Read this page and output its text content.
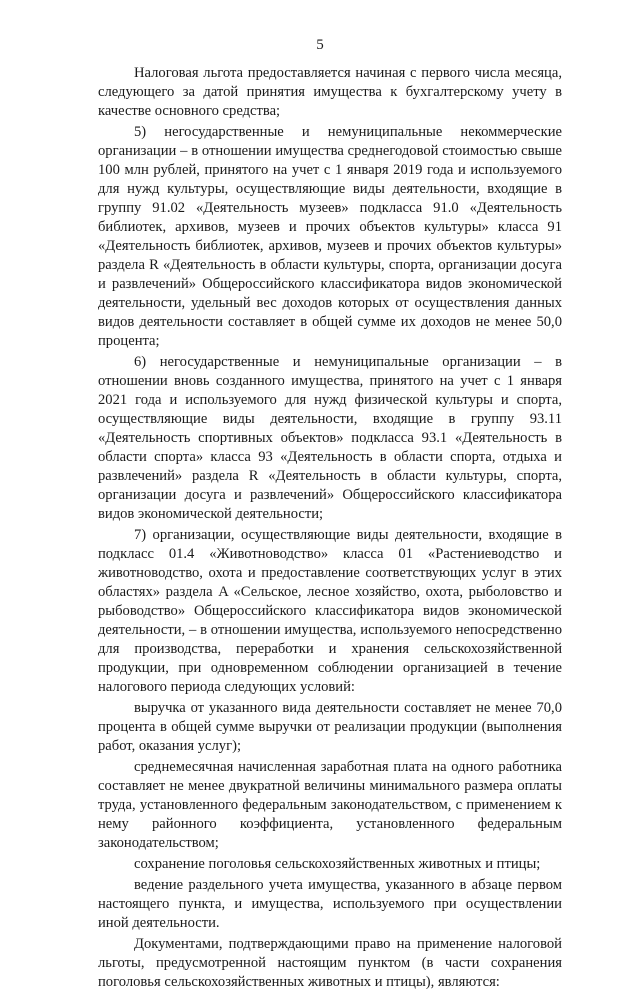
5

Налоговая льгота предоставляется начиная с первого числа месяца, следующего за датой принятия имущества к бухгалтерскому учету в качестве основного средства;

5) негосударственные и немуниципальные некоммерческие организации – в отношении имущества среднегодовой стоимостью свыше 100 млн рублей, принятого на учет с 1 января 2019 года и используемого для нужд культуры, осуществляющие виды деятельности, входящие в группу 91.02 «Деятельность музеев» подкласса 91.0 «Деятельность библиотек, архивов, музеев и прочих объектов культуры» класса 91 «Деятельность библиотек, архивов, музеев и прочих объектов культуры» раздела R «Деятельность в области культуры, спорта, организации досуга и развлечений» Общероссийского классификатора видов экономической деятельности, удельный вес доходов которых от осуществления данных видов деятельности составляет в общей сумме их доходов не менее 50,0 процента;

6) негосударственные и немуниципальные организации – в отношении вновь созданного имущества, принятого на учет с 1 января 2021 года и используемого для нужд физической культуры и спорта, осуществляющие виды деятельности, входящие в группу 93.11 «Деятельность спортивных объектов» подкласса 93.1 «Деятельность в области спорта» класса 93 «Деятельность в области спорта, отдыха и развлечений» раздела R «Деятельность в области культуры, спорта, организации досуга и развлечений» Общероссийского классификатора видов экономической деятельности;

7) организации, осуществляющие виды деятельности, входящие в подкласс 01.4 «Животноводство» класса 01 «Растениеводство и животноводство, охота и предоставление соответствующих услуг в этих областях» раздела A «Сельское, лесное хозяйство, охота, рыболовство и рыбоводство» Общероссийского классификатора видов экономической деятельности, – в отношении имущества, используемого непосредственно для производства, переработки и хранения сельскохозяйственной продукции, при одновременном соблюдении организацией в течение налогового периода следующих условий:

выручка от указанного вида деятельности составляет не менее 70,0 процента в общей сумме выручки от реализации продукции (выполнения работ, оказания услуг);

среднемесячная начисленная заработная плата на одного работника составляет не менее двукратной величины минимального размера оплаты труда, установленного федеральным законодательством, с применением к нему районного коэффициента, установленного федеральным законодательством;

сохранение поголовья сельскохозяйственных животных и птицы;

ведение раздельного учета имущества, указанного в абзаце первом настоящего пункта, и имущества, используемого при осуществлении иной деятельности.

Документами, подтверждающими право на применение налоговой льготы, предусмотренной настоящим пунктом (в части сохранения поголовья сельскохозяйственных животных и птицы), являются:
